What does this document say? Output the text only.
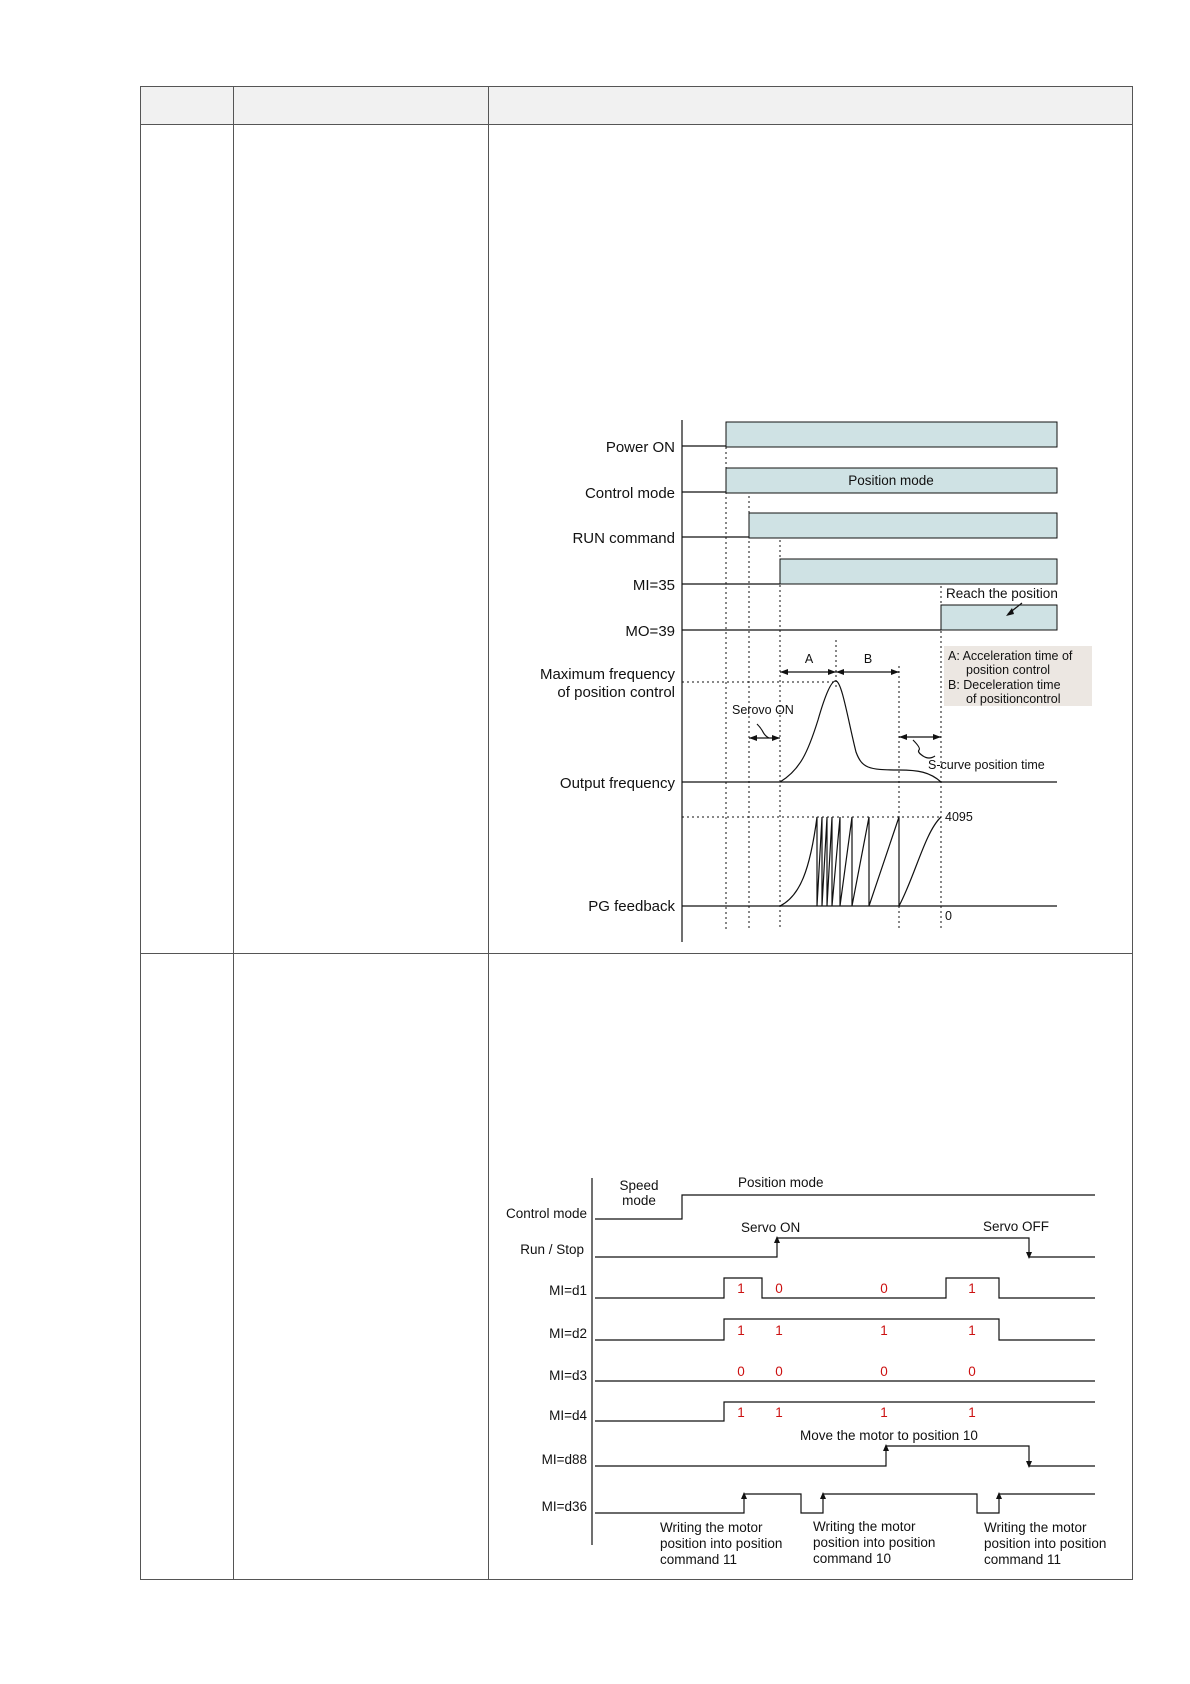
Power ON
Control mode
RUN command
MI=35
MO=39
Maximum frequency
of position control
Output frequency
PG feedback
Position mode
Reach the position
A	B	A: Acceleration time of
position control
B: Deceleration time
of positioncontrol
Serovo ON
S-curve position time
4095
0
Control mode
Run / Stop
MI=d1
MI=d2
MI=d3
MI=d4
MI=d88
MI=d36
Speed
mode
Position mode
Servo ON	Servo OFF
1 0	0	1
1 1	1	1
0 0	0	0
1 1	1	1
Move the motor to position 10
Writing the motor
position into position
command 11
Writing the motor
position into position
command 10
Writing the motor
position into position
command 11
